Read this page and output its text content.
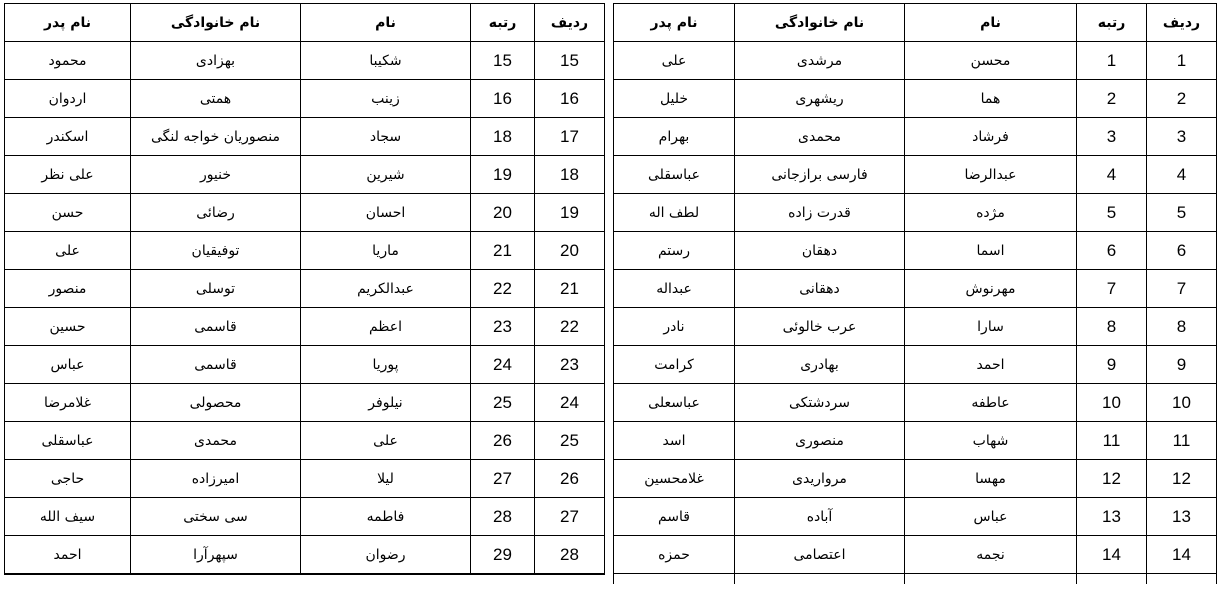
ردیف	رتبه	نام	نام خانوادگی	نام پدر
15	15	شکیبا	بهزادی	محمود
16	16	زینب	همتی	اردوان
17	18	سجاد	منصوریان خواجه لنگی	اسکندر
18	19	شیرین	خنیور	علی نظر
19	20	احسان	رضائی	حسن
20	21	ماریا	توفیقیان	علی
21	22	عبدالکریم	توسلی	منصور
22	23	اعظم	قاسمی	حسین
23	24	پوریا	قاسمی	عباس
24	25	نیلوفر	محصولی	غلامرضا
25	26	علی	محمدی	عباسقلی
26	27	لیلا	امیرزاده	حاجی
27	28	فاطمه	سی سختی	سیف الله
28	29	رضوان	سپهرآرا	احمد
ردیف	رتبه	نام	نام خانوادگی	نام پدر
1	1	محسن	مرشدی	علی
2	2	هما	ریشهری	خلیل
3	3	فرشاد	محمدی	بهرام
4	4	عبدالرضا	فارسی برازجانی	عباسقلی
5	5	مژده	قدرت زاده	لطف اله
6	6	اسما	دهقان	رستم
7	7	مهرنوش	دهقانی	عبداله
8	8	سارا	عرب خالوئی	نادر
9	9	احمد	بهادری	کرامت
10	10	عاطفه	سردشتکی	عباسعلی
11	11	شهاب	منصوری	اسد
12	12	مهسا	مرواریدی	غلامحسین
13	13	عباس	آباده	قاسم
14	14	نجمه	اعتصامی	حمزه
